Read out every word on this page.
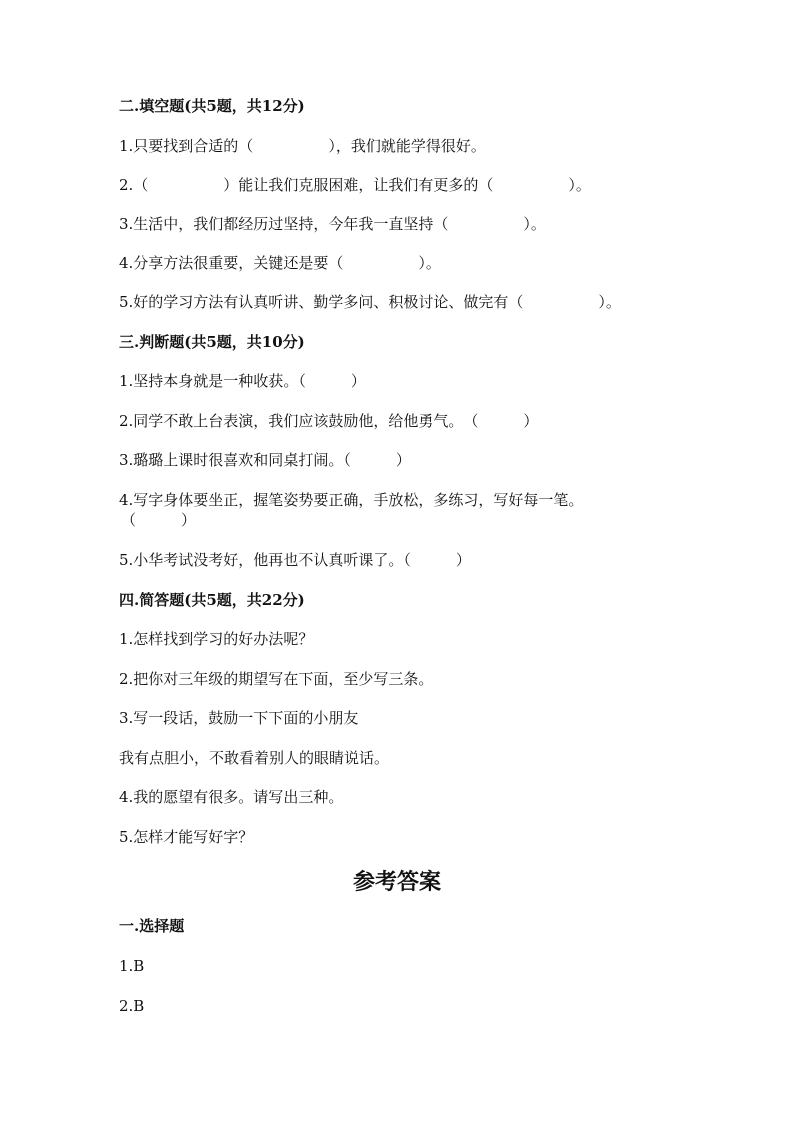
二.填空题(共5题，共12分)
1.只要找到合适的（　　　　　），我们就能学得很好。
2.（　　　　　）能让我们克服困难，让我们有更多的（　　　　　）。
3.生活中，我们都经历过坚持，今年我一直坚持（　　　　　）。
4.分享方法很重要，关键还是要（　　　　　）。
5.好的学习方法有认真听讲、勤学多问、积极讨论、做完有（　　　　　）。
三.判断题(共5题，共10分)
1.坚持本身就是一种收获。（　　　）
2.同学不敢上台表演，我们应该鼓励他，给他勇气。　（　　　）
3.璐璐上课时很喜欢和同桌打闹。（　　　）
4.写字身体要坐正，握笔姿势要正确，手放松，多练习，写好每一笔。
（　　　）
5.小华考试没考好，他再也不认真听课了。（　　　）
四.简答题(共5题，共22分)
1.怎样找到学习的好办法呢？
2.把你对三年级的期望写在下面，至少写三条。
3.写一段话，鼓励一下下面的小朋友
我有点胆小，不敢看着别人的眼睛说话。
4.我的愿望有很多。请写出三种。
5.怎样才能写好字？
参考答案
一.选择题
1.B
2.B
